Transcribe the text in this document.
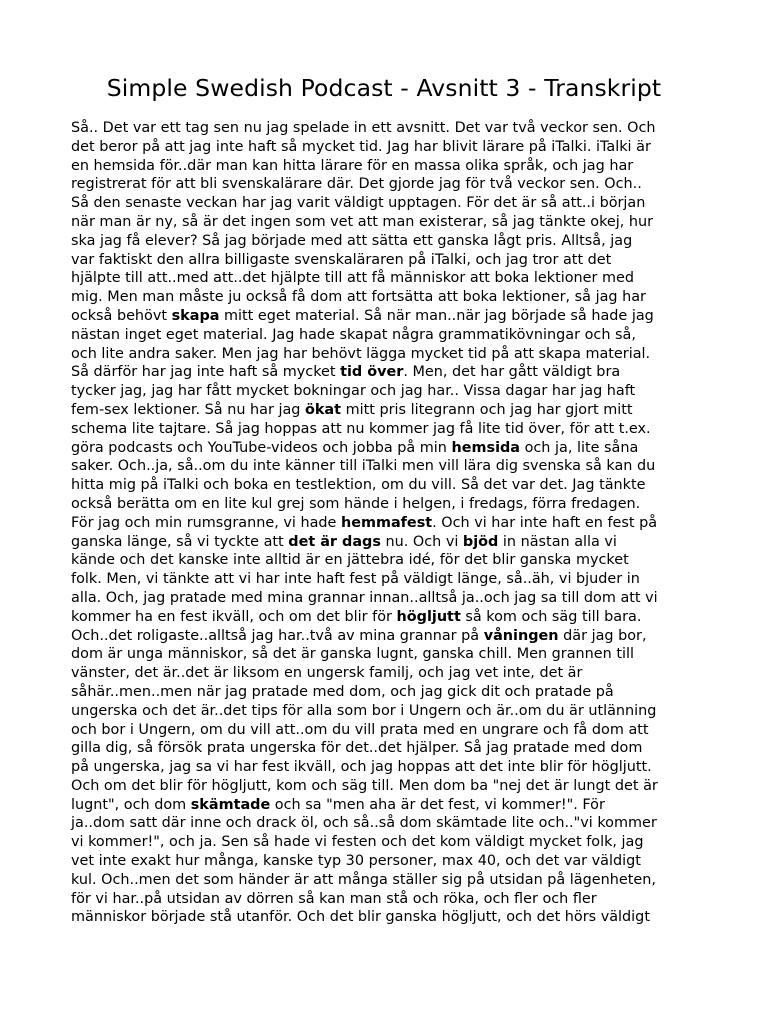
Simple Swedish Podcast - Avsnitt 3 - Transkript
Så.. Det var ett tag sen nu jag spelade in ett avsnitt. Det var två veckor sen. Och
det beror på att jag inte haft så mycket tid. Jag har blivit lärare på iTalki. iTalki är
en hemsida för..där man kan hitta lärare för en massa olika språk, och jag har
registrerat för att bli svenskalärare där. Det gjorde jag för två veckor sen. Och..
Så den senaste veckan har jag varit väldigt upptagen. För det är så att..i början
när man är ny, så är det ingen som vet att man existerar, så jag tänkte okej, hur
ska jag få elever? Så jag började med att sätta ett ganska lågt pris. Alltså, jag
var faktiskt den allra billigaste svenskaläraren på iTalki, och jag tror att det
hjälpte till att..med att..det hjälpte till att få människor att boka lektioner med
mig. Men man måste ju också få dom att fortsätta att boka lektioner, så jag har
också behövt skapa mitt eget material. Så när man..när jag började så hade jag
nästan inget eget material. Jag hade skapat några grammatikövningar och så,
och lite andra saker. Men jag har behövt lägga mycket tid på att skapa material.
Så därför har jag inte haft så mycket tid över. Men, det har gått väldigt bra
tycker jag, jag har fått mycket bokningar och jag har.. Vissa dagar har jag haft
fem-sex lektioner. Så nu har jag ökat mitt pris litegrann och jag har gjort mitt
schema lite tajtare. Så jag hoppas att nu kommer jag få lite tid över, för att t.ex.
göra podcasts och YouTube-videos och jobba på min hemsida och ja, lite såna
saker. Och..ja, så..om du inte känner till iTalki men vill lära dig svenska så kan du
hitta mig på iTalki och boka en testlektion, om du vill. Så det var det. Jag tänkte
också berätta om en lite kul grej som hände i helgen, i fredags, förra fredagen.
För jag och min rumsgranne, vi hade hemmafest. Och vi har inte haft en fest på
ganska länge, så vi tyckte att det är dags nu. Och vi bjöd in nästan alla vi
kände och det kanske inte alltid är en jättebra idé, för det blir ganska mycket
folk. Men, vi tänkte att vi har inte haft fest på väldigt länge, så..äh, vi bjuder in
alla. Och, jag pratade med mina grannar innan..alltså ja..och jag sa till dom att vi
kommer ha en fest ikväll, och om det blir för högljutt så kom och säg till bara.
Och..det roligaste..alltså jag har..två av mina grannar på våningen där jag bor,
dom är unga människor, så det är ganska lugnt, ganska chill. Men grannen till
vänster, det är..det är liksom en ungersk familj, och jag vet inte, det är
såhär..men..men när jag pratade med dom, och jag gick dit och pratade på
ungerska och det är..det tips för alla som bor i Ungern och är..om du är utlänning
och bor i Ungern, om du vill att..om du vill prata med en ungrare och få dom att
gilla dig, så försök prata ungerska för det..det hjälper. Så jag pratade med dom
på ungerska, jag sa vi har fest ikväll, och jag hoppas att det inte blir för högljutt.
Och om det blir för högljutt, kom och säg till. Men dom ba "nej det är lungt det är
lugnt", och dom skämtade och sa "men aha är det fest, vi kommer!". För
ja..dom satt där inne och drack öl, och så..så dom skämtade lite och.."vi kommer
vi kommer!", och ja. Sen så hade vi festen och det kom väldigt mycket folk, jag
vet inte exakt hur många, kanske typ 30 personer, max 40, och det var väldigt
kul. Och..men det som händer är att många ställer sig på utsidan på lägenheten,
för vi har..på utsidan av dörren så kan man stå och röka, och fler och fler
människor började stå utanför. Och det blir ganska högljutt, och det hörs väldigt
